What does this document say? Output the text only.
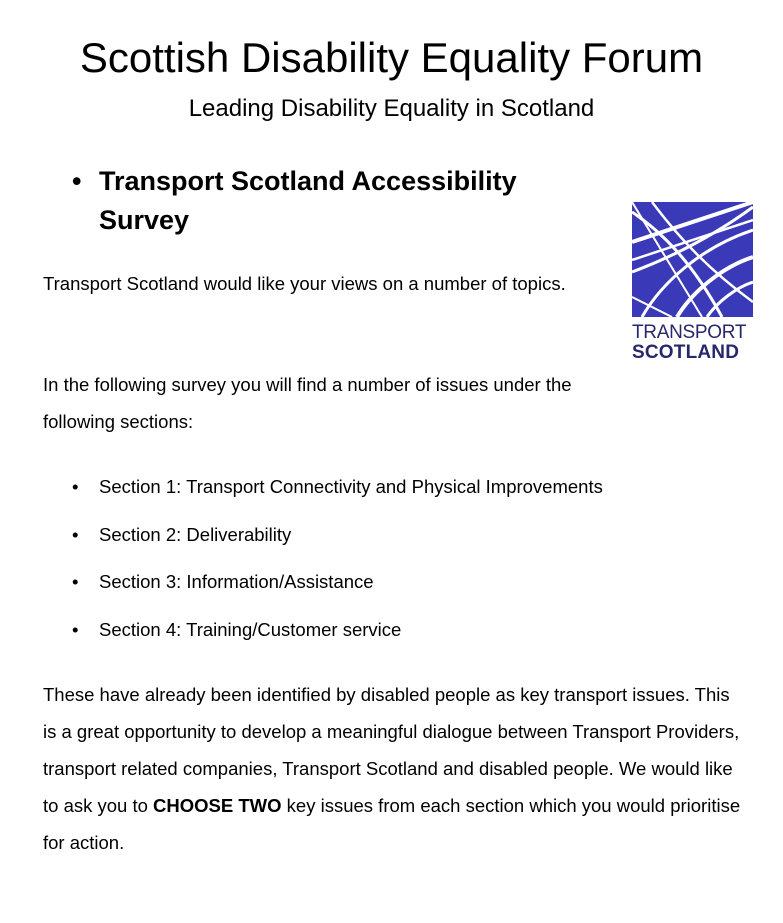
Scottish Disability Equality Forum
Leading Disability Equality in Scotland
• Transport Scotland Accessibility Survey
TRANSPORT
SCOTLAND
Transport Scotland would like your views on a number of topics.
In the following survey you will find a number of issues under the following sections:
• Section 1: Transport Connectivity and Physical Improvements
• Section 2: Deliverability
• Section 3: Information/Assistance
• Section 4: Training/Customer service
These have already been identified by disabled people as key transport issues. This is a great opportunity to develop a meaningful dialogue between Transport Providers, transport related companies, Transport Scotland and disabled people. We would like to ask you to CHOOSE TWO key issues from each section which you would prioritise for action.
